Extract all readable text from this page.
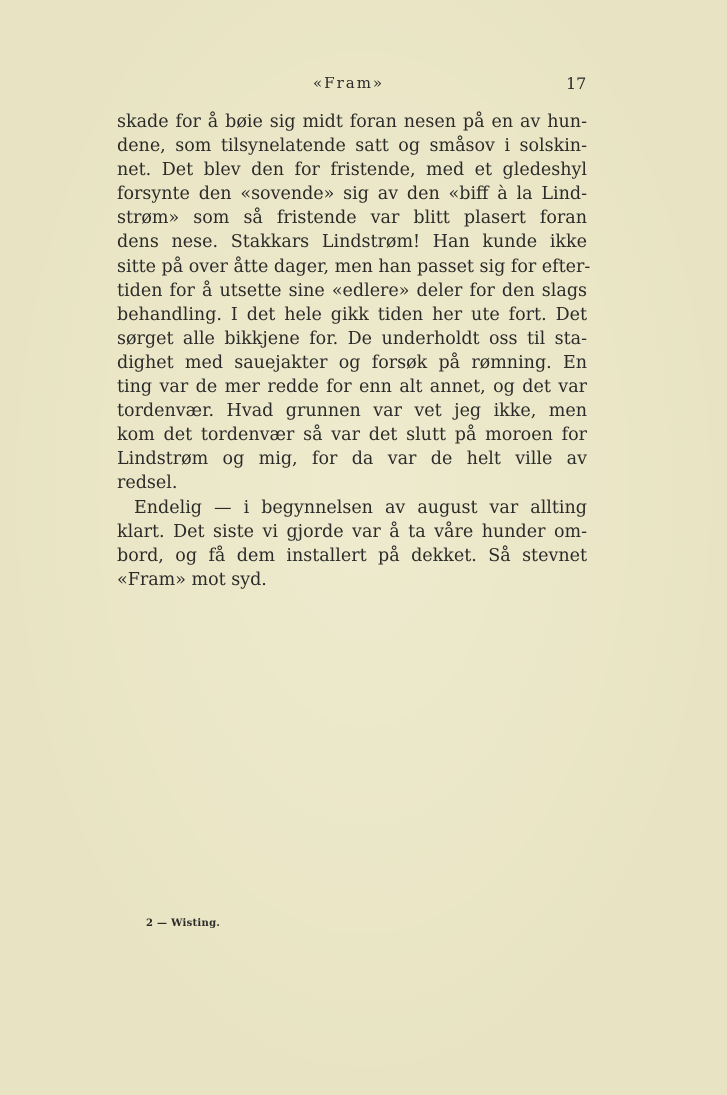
«Fram»	17
skade for å bøie sig midt foran nesen på en av hun-
dene, som tilsynelatende satt og småsov i solskin-
net. Det blev den for fristende, med et gledeshyl
forsynte den «sovende» sig av den «biff à la Lind-
strøm» som så fristende var blitt plasert foran
dens nese. Stakkars Lindstrøm! Han kunde ikke
sitte på over åtte dager, men han passet sig for efter-
tiden for å utsette sine «edlere» deler for den slags
behandling. I det hele gikk tiden her ute fort. Det
sørget alle bikkjene for. De underholdt oss til sta-
dighet med sauejakter og forsøk på rømning. En
ting var de mer redde for enn alt annet, og det var
tordenvær. Hvad grunnen var vet jeg ikke, men
kom det tordenvær så var det slutt på moroen for
Lindstrøm og mig, for da var de helt ville av
redsel.
Endelig — i begynnelsen av august var allting
klart. Det siste vi gjorde var å ta våre hunder om-
bord, og få dem installert på dekket. Så stevnet
«Fram» mot syd.
2 — Wisting.
